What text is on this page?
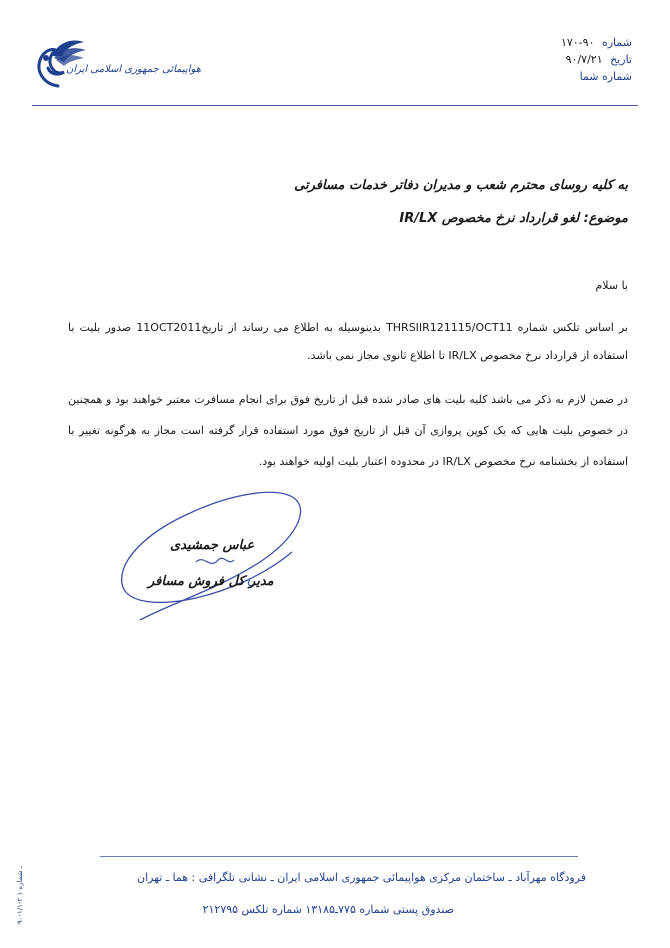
هواپیمائی جمهوری اسلامی ایران
شماره ۹۰-۱۷۰
تاریخ ۹۰/۷/۲۱
شماره شما
به کلیه روسای محترم شعب و مدیران دفاتر خدمات مسافرتی
موضوع: لغو قرارداد نرخ مخصوص IR/LX
با سلام
بر اساس تلکس شماره THRSIIR121115/OCT11 بدینوسیله به اطلاع می رساند از تاریخ11OCT2011 صدور بلیت با استفاده از قرارداد نرخ مخصوص IR/LX تا اطلاع ثانوی مجاز نمی باشد.
در ضمن لازم به ذکر می باشد کلیه بلیت های صادر شده قبل از تاریخ فوق برای انجام مسافرت معتبر خواهند بود و همچنین در خصوص بلیت هایی که یک کوپن پروازی آن قبل از تاریخ فوق مورد استفاده قرار گرفته است مجاز به هرگونه تغییر با استفاده از بخشنامه نرخ مخصوص IR/LX در محدوده اعتبار بلیت اولیه خواهند بود.
عباس جمشیدی
مدیر کل فروش مسافر
فرودگاه مهرآباد ـ ساختمان مرکزی هواپیمائی جمهوری اسلامی ایران ـ نشانی تلگرافی : هما ـ تهران
صندوق پستی شماره ۷۷۵ـ۱۳۱۸۵ شماره تلکس ۲۱۲۷۹۵
۹۰-۱/۱-۲ ـ شماره ۱
